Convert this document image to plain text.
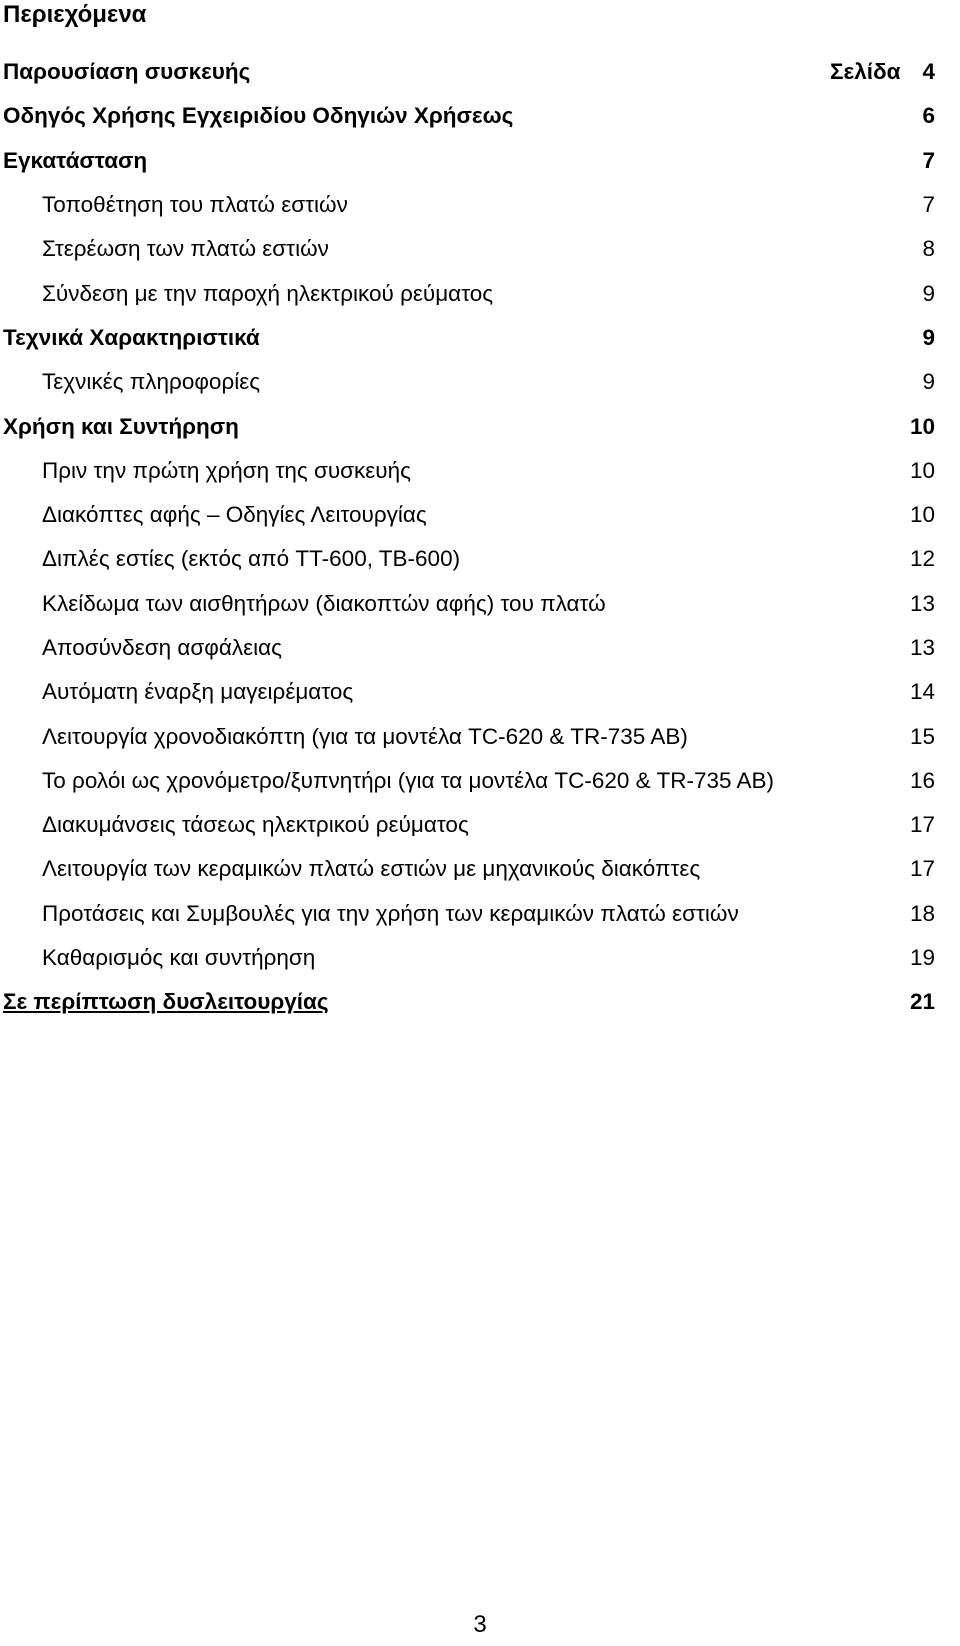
Περιεχόμενα
Παρουσίαση συσκευής	Σελίδα 4
Οδηγός Χρήσης Εγχειριδίου Οδηγιών Χρήσεως	6
Εγκατάσταση	7
Τοποθέτηση του πλατώ εστιών	7
Στερέωση των πλατώ εστιών	8
Σύνδεση με την παροχή ηλεκτρικού ρεύματος	9
Τεχνικά Χαρακτηριστικά	9
Τεχνικές πληροφορίες	9
Χρήση και Συντήρηση	10
Πριν την πρώτη χρήση της συσκευής	10
Διακόπτες αφής – Οδηγίες Λειτουργίας	10
Διπλές εστίες (εκτός από TT-600, TB-600)	12
Κλείδωμα των αισθητήρων (διακοπτών αφής) του πλατώ	13
Αποσύνδεση ασφάλειας	13
Αυτόματη έναρξη μαγειρέματος	14
Λειτουργία χρονοδιακόπτη (για τα μοντέλα TC-620 & TR-735 AB)	15
Το ρολόι ως χρονόμετρο/ξυπνητήρι (για τα μοντέλα TC-620 & TR-735 AB)	16
Διακυμάνσεις τάσεως ηλεκτρικού ρεύματος	17
Λειτουργία των κεραμικών πλατώ εστιών με μηχανικούς διακόπτες	17
Προτάσεις και Συμβουλές για την χρήση των κεραμικών πλατώ εστιών	18
Καθαρισμός και συντήρηση	19
Σε περίπτωση δυσλειτουργίας	21
3
